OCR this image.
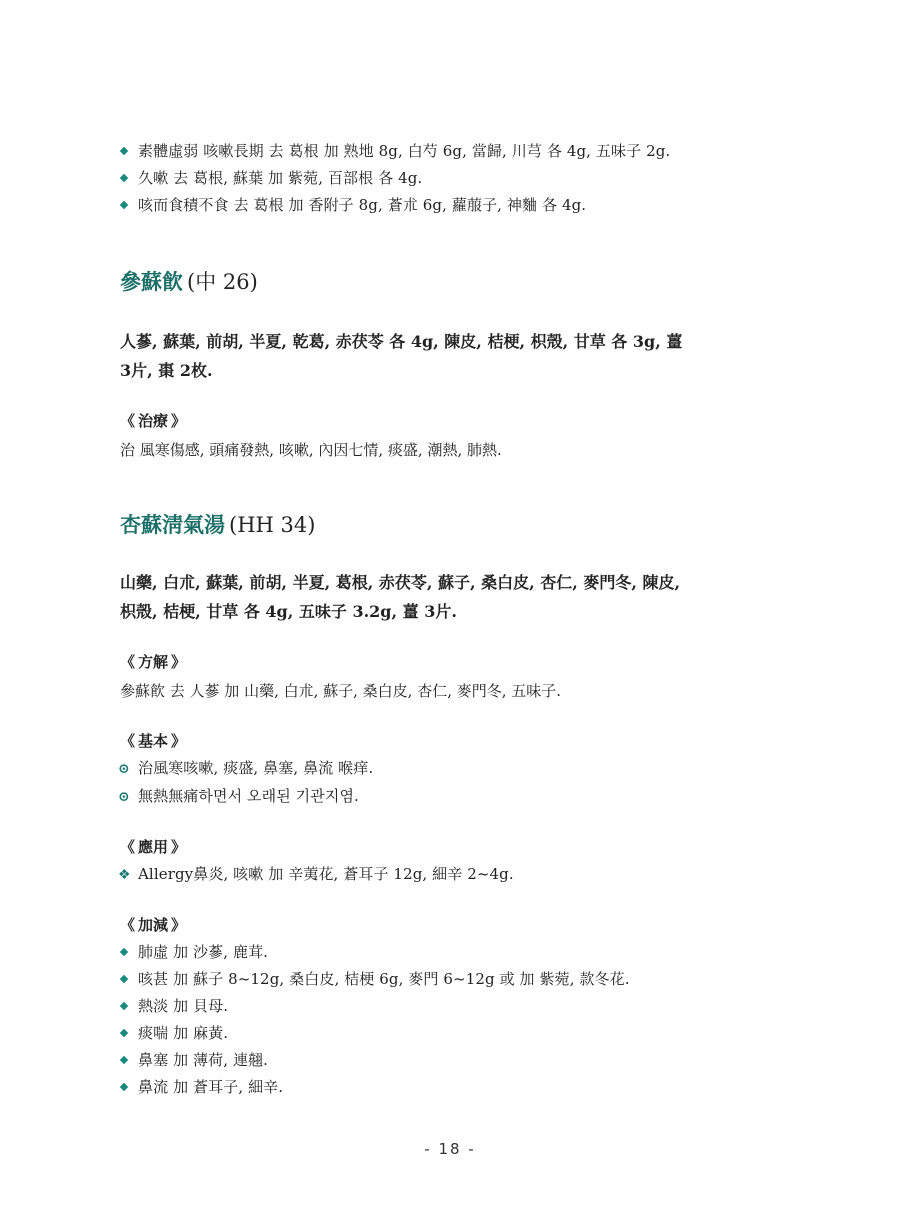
素體虛弱 咳嗽長期 去 葛根 加 熟地 8g, 白芍 6g, 當歸, 川芎 各 4g, 五味子 2g.
久嗽 去 葛根, 蘇葉 加 紫菀, 百部根 各 4g.
咳而食積不食 去 葛根 加 香附子 8g, 蒼朮 6g, 蘿菔子, 神麯 各 4g.
參蘇飮 (中 26)
人蔘, 蘇葉, 前胡, 半夏, 乾葛, 赤茯苓 各 4g, 陳皮, 桔梗, 枳殼, 甘草 各 3g, 薑
3片, 棗 2枚.

《 治療 》

治 風寒傷感, 頭痛發熱, 咳嗽, 內因七情, 痰盛, 潮熱, 肺熱.

杏蘇淸氣湯 (HH 34)
山藥, 白朮, 蘇葉, 前胡, 半夏, 葛根, 赤茯苓, 蘇子, 桑白皮, 杏仁, 麥門冬, 陳皮,
枳殼, 桔梗, 甘草 各 4g, 五味子 3.2g, 薑 3片.

《 方解 》

參蘇飮 去 人蔘 加 山藥, 白朮, 蘇子, 桑白皮, 杏仁, 麥門冬, 五味子.

《 基本 》

⊙
治風寒咳嗽, 痰盛, 鼻塞, 鼻流 喉痒.
⊙
無熱無痛하면서 오래된 기관지염.

《 應用 》

❖
Allergy鼻炎, 咳嗽 加 辛荑花, 蒼耳子 12g, 細辛 2~4g.

《 加減 》

肺虛 加 沙蔘, 鹿茸.
咳甚 加 蘇子 8~12g, 桑白皮, 桔梗 6g, 麥門 6~12g 或 加 紫菀, 款冬花.
熱淡 加 貝母.
痰喘 加 麻黃.
鼻塞 加 薄荷, 連翹.
鼻流 加 蒼耳子, 細辛.
- 18 -
